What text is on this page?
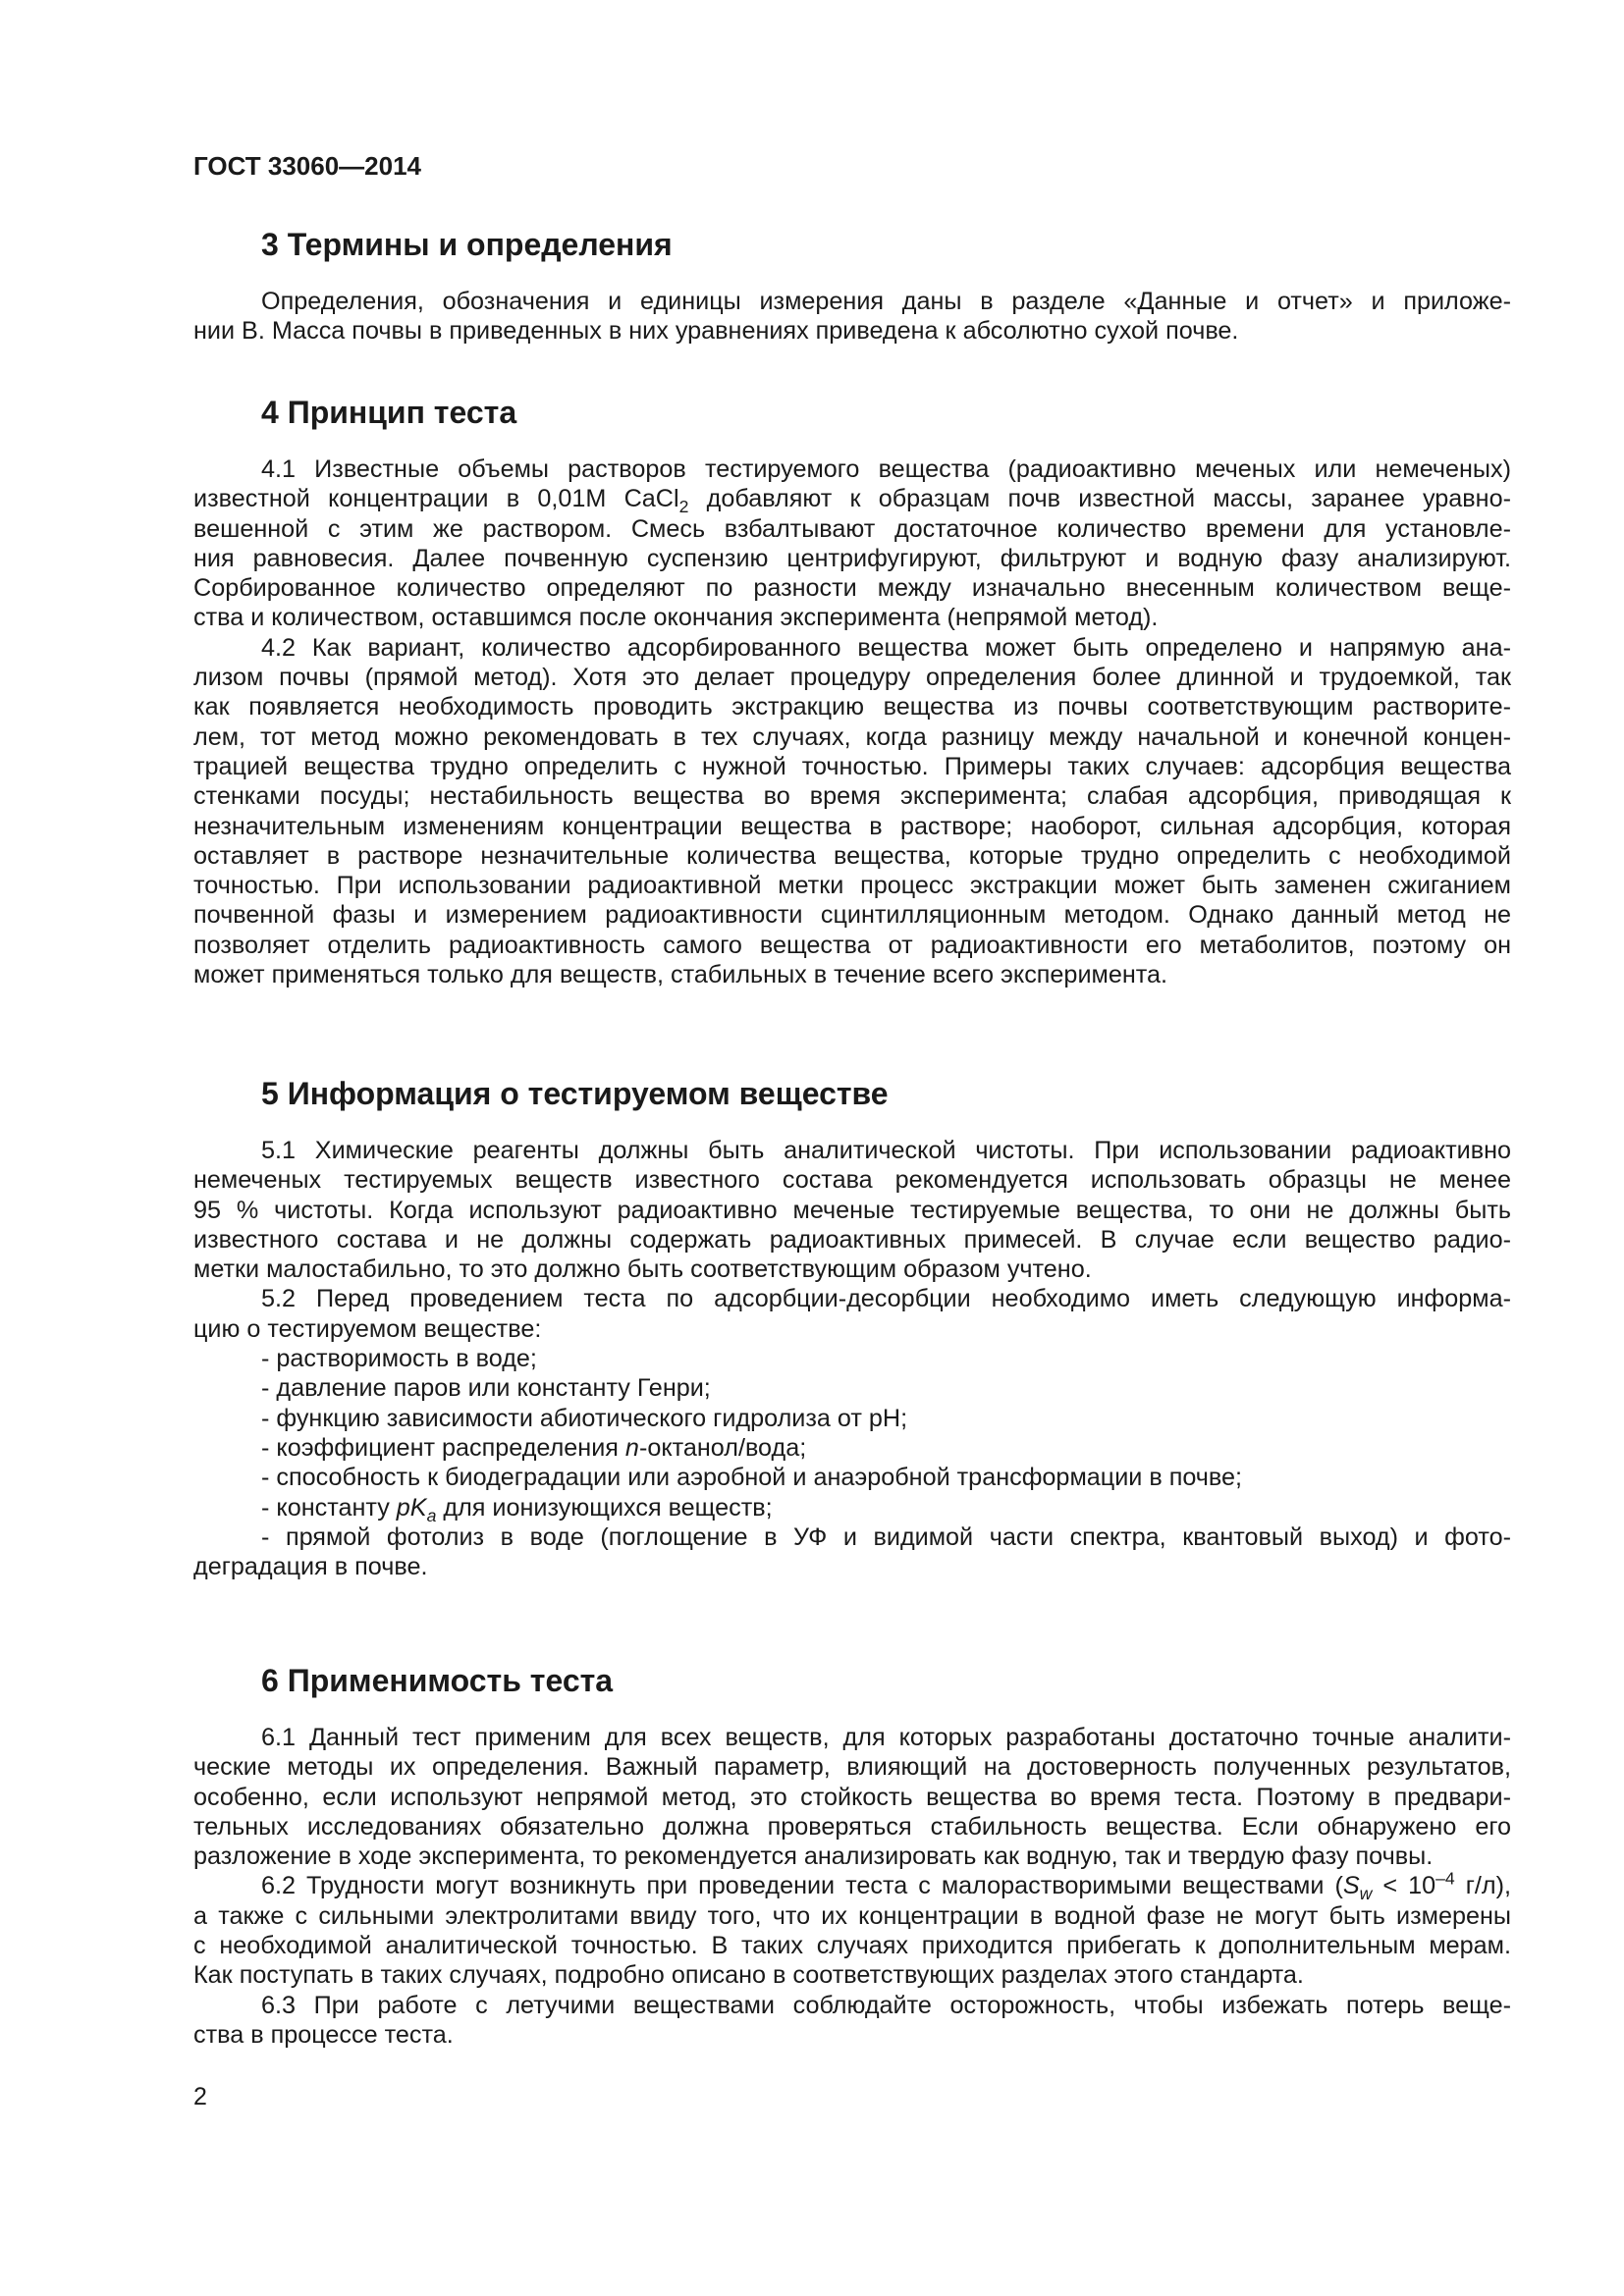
ГОСТ 33060—2014
3 Термины и определения
Определения, обозначения и единицы измерения даны в разделе «Данные и отчет» и приложе-
нии В. Масса почвы в приведенных в них уравнениях приведена к абсолютно сухой почве.
4 Принцип теста
4.1 Известные объемы растворов тестируемого вещества (радиоактивно меченых или немеченых)
известной концентрации в 0,01M CaCl$_2$ добавляют к образцам почв известной массы, заранее уравно-
вешенной с этим же раствором. Смесь взбалтывают достаточное количество времени для установле-
ния равновесия. Далее почвенную суспензию центрифугируют, фильтруют и водную фазу анализируют.
Сорбированное количество определяют по разности между изначально внесенным количеством веще-
ства и количеством, оставшимся после окончания эксперимента (непрямой метод).
4.2 Как вариант, количество адсорбированного вещества может быть определено и напрямую ана-
лизом почвы (прямой метод). Хотя это делает процедуру определения более длинной и трудоемкой, так
как появляется необходимость проводить экстракцию вещества из почвы соответствующим растворите-
лем, тот метод можно рекомендовать в тех случаях, когда разницу между начальной и конечной концен-
трацией вещества трудно определить с нужной точностью. Примеры таких случаев: адсорбция вещества
стенками посуды; нестабильность вещества во время эксперимента; слабая адсорбция, приводящая к
незначительным изменениям концентрации вещества в растворе; наоборот, сильная адсорбция, которая
оставляет в растворе незначительные количества вещества, которые трудно определить с необходимой
точностью. При использовании радиоактивной метки процесс экстракции может быть заменен сжиганием
почвенной фазы и измерением радиоактивности сцинтилляционным методом. Однако данный метод не
позволяет отделить радиоактивность самого вещества от радиоактивности его метаболитов, поэтому он
может применяться только для веществ, стабильных в течение всего эксперимента.
5 Информация о тестируемом веществе
5.1 Химические реагенты должны быть аналитической чистоты. При использовании радиоактивно
немеченых тестируемых веществ известного состава рекомендуется использовать образцы не менее
95 % чистоты. Когда используют радиоактивно меченые тестируемые вещества, то они не должны быть
известного состава и не должны содержать радиоактивных примесей. В случае если вещество радио-
метки малостабильно, то это должно быть соответствующим образом учтено.
5.2 Перед проведением теста по адсорбции-десорбции необходимо иметь следующую информа-
цию о тестируемом веществе:
- растворимость в воде;
- давление паров или константу Генри;
- функцию зависимости абиотического гидролиза от pH;
- коэффициент распределения n-октанол/вода;
- способность к биодеградации или аэробной и анаэробной трансформации в почве;
- константу $pK_a$ для ионизующихся веществ;
- прямой фотолиз в воде (поглощение в УФ и видимой части спектра, квантовый выход) и фото-
деградация в почве.
6 Применимость теста
6.1 Данный тест применим для всех веществ, для которых разработаны достаточно точные аналити-
ческие методы их определения. Важный параметр, влияющий на достоверность полученных результатов,
особенно, если используют непрямой метод, это стойкость вещества во время теста. Поэтому в предвари-
тельных исследованиях обязательно должна проверяться стабильность вещества. Если обнаружено его
разложение в ходе эксперимента, то рекомендуется анализировать как водную, так и твердую фазу почвы.
6.2 Трудности могут возникнуть при проведении теста с малорастворимыми веществами ($S_w < 10^{-4}$ г/л),
а также с сильными электролитами ввиду того, что их концентрации в водной фазе не могут быть измерены
с необходимой аналитической точностью. В таких случаях приходится прибегать к дополнительным мерам.
Как поступать в таких случаях, подробно описано в соответствующих разделах этого стандарта.
6.3 При работе с летучими веществами соблюдайте осторожность, чтобы избежать потерь веще-
ства в процессе теста.
2
